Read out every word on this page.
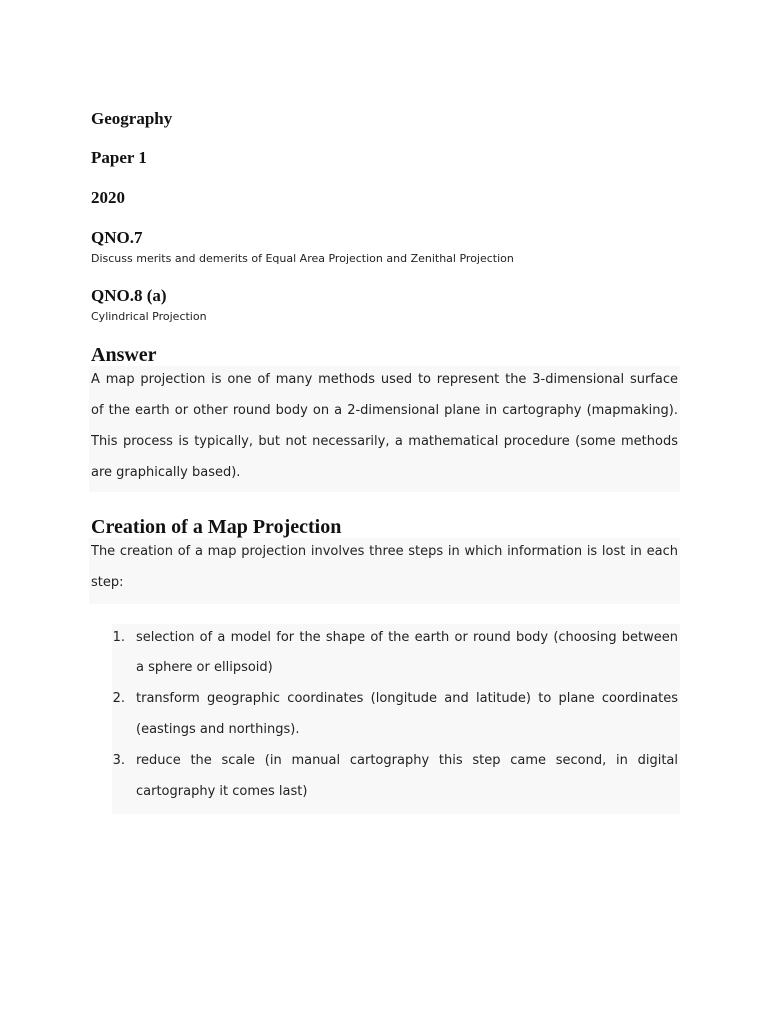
Geography
Paper 1
2020
QNO.7

Discuss merits and demerits of Equal Area Projection and Zenithal Projection

QNO.8 (a)

Cylindrical Projection

Answer
A map projection is one of many methods used to represent the 3-dimensional surface
of the earth or other round body on a 2-dimensional plane in cartography (mapmaking).
This process is typically, but not necessarily, a mathematical procedure (some methods
are graphically based).
Creation of a Map Projection
The creation of a map projection involves three steps in which information is lost in each
step:
1. selection of a model for the shape of the earth or round body (choosing between
a sphere or ellipsoid)
2. transform geographic coordinates (longitude and latitude) to plane coordinates
(eastings and northings).
3. reduce the scale (in manual cartography this step came second, in digital
cartography it comes last)
